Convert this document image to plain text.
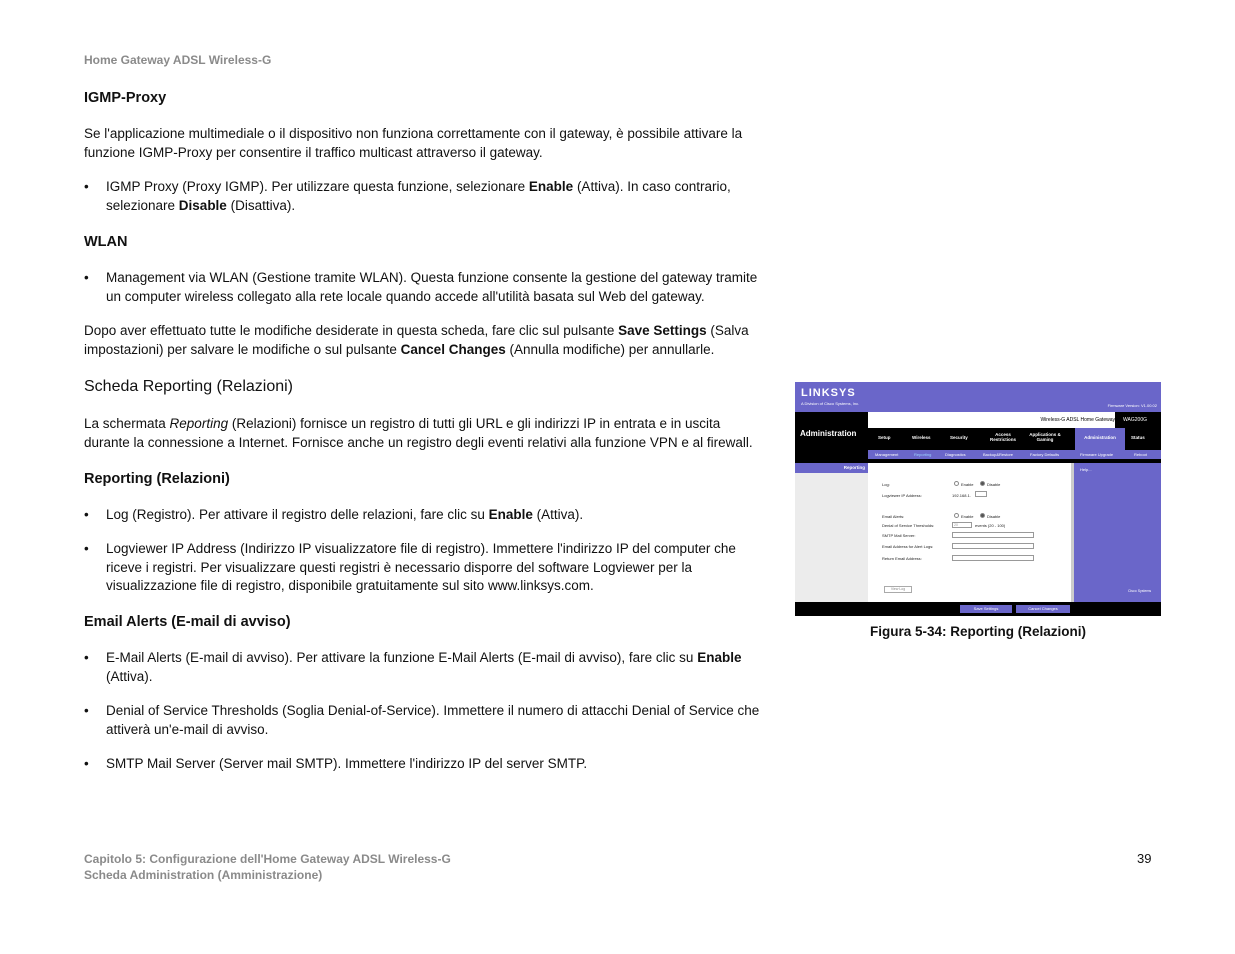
Home Gateway ADSL Wireless-G
IGMP-Proxy
Se l'applicazione multimediale o il dispositivo non funziona correttamente con il gateway, è possibile attivare la
funzione IGMP-Proxy per consentire il traffico multicast attraverso il gateway.
• IGMP Proxy (Proxy IGMP). Per utilizzare questa funzione, selezionare Enable (Attiva). In caso contrario,
selezionare Disable (Disattiva).
WLAN
• Management via WLAN (Gestione tramite WLAN). Questa funzione consente la gestione del gateway tramite
un computer wireless collegato alla rete locale quando accede all'utilità basata sul Web del gateway.
Dopo aver effettuato tutte le modifiche desiderate in questa scheda, fare clic sul pulsante Save Settings (Salva
impostazioni) per salvare le modifiche o sul pulsante Cancel Changes (Annulla modifiche) per annullarle.
Scheda Reporting (Relazioni)
La schermata Reporting (Relazioni) fornisce un registro di tutti gli URL e gli indirizzi IP in entrata e in uscita
durante la connessione a Internet. Fornisce anche un registro degli eventi relativi alla funzione VPN e al firewall.
Reporting (Relazioni)
• Log (Registro). Per attivare il registro delle relazioni, fare clic su Enable (Attiva).
• Logviewer IP Address (Indirizzo IP visualizzatore file di registro). Immettere l'indirizzo IP del computer che
riceve i registri. Per visualizzare questi registri è necessario disporre del software Logviewer per la
visualizzazione file di registro, disponibile gratuitamente sul sito www.linksys.com.
Email Alerts (E-mail di avviso)
• E-Mail Alerts (E-mail di avviso). Per attivare la funzione E-Mail Alerts (E-mail di avviso), fare clic su Enable
(Attiva).
• Denial of Service Thresholds (Soglia Denial-of-Service). Immettere il numero di attacchi Denial of Service che
attiverà un'e-mail di avviso.
• SMTP Mail Server (Server mail SMTP). Immettere l'indirizzo IP del server SMTP.
LINKSYS
A Division of Cisco Systems, Inc.	Firmware Version: V1.00.02
Administration
Wireless-G ADSL Home Gateway	WAG200G
Setup	Wireless	Security
Access Restrictions
Applications & Gaming	Administration	Status
Management	Reporting	Diagnostics	Backup&Restore	Factory Defaults	Firmware Upgrade	Reboot
Reporting
Log:	Enable	Disable
Logviewer IP Address:	192.168.1.
Email Alerts:	Enable	Disable
Denial of Service Thresholds:	20	events (20 - 100)
SMTP Mail Server:
Email Address for Alert Logs:
Return Email Address:
View Log
Help...
Cisco Systems
Save Settings	Cancel Changes
Figura 5-34: Reporting (Relazioni)
Capitolo 5: Configurazione dell'Home Gateway ADSL Wireless-G
Scheda Administration (Amministrazione)
39
